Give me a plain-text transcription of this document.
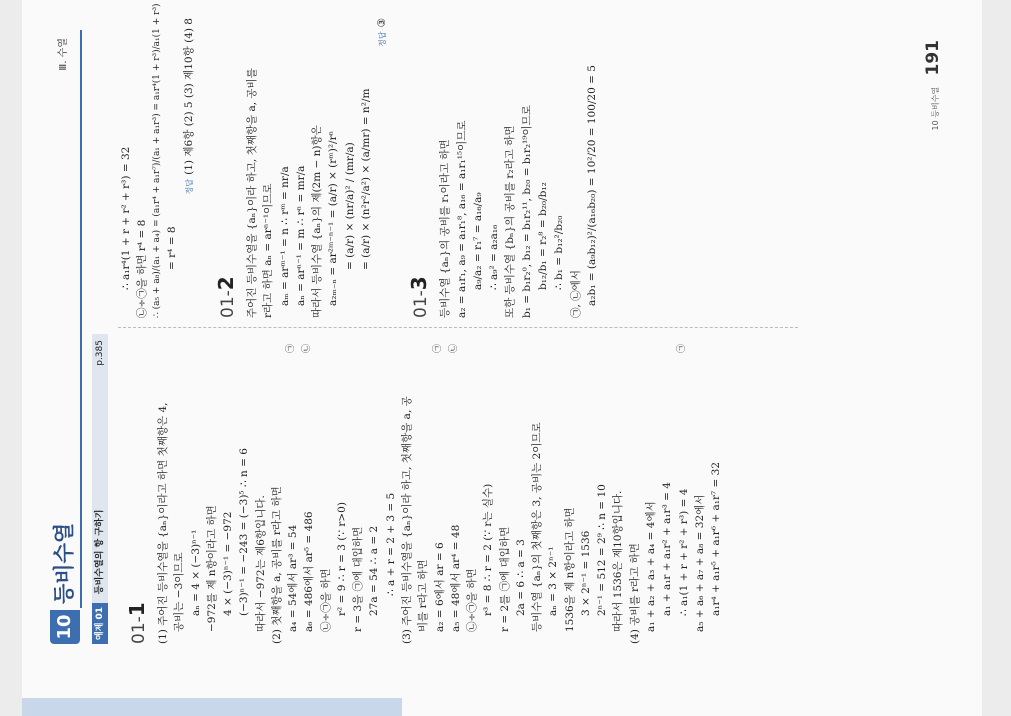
10
등비수열
Ⅲ. 수열
예제 01 등비수열의 항 구하기
p.385
01-1 (1) 주어진 등비수열을 {aₙ}이라고 하면 첫째항은 4, 공비는 −3이므로 aₙ = 4 × (−3)ⁿ⁻¹ −972를 제 n항이라고 하면 4 × (−3)ⁿ⁻¹ = −972 (−3)ⁿ⁻¹ = −243 = (−3)⁵ ∴ n = 6 따라서 −972는 제6항입니다. (2) 첫째항을 a, 공비를 r라고 하면 a₄ = 54에서 ar³ = 54
㉠
a₆ = 486에서 ar⁵ = 486
㉡
㉡÷㉠을 하면 r² = 9 ∴ r = 3 (∵ r>0) r = 3을 ㉠에 대입하면 27a = 54 ∴ a = 2 ∴ a + r = 2 + 3 = 5 (3) 주어진 등비수열을 {aₙ}이라 하고, 첫째항을 a, 공 비를 r라고 하면 a₂ = 6에서 ar = 6
㉠
a₅ = 48에서 ar⁴ = 48
㉡
㉡÷㉠을 하면 r³ = 8 ∴ r = 2 (∵ r는 실수) r = 2를 ㉠에 대입하면 2a = 6 ∴ a = 3 등비수열 {aₙ}의 첫째항은 3, 공비는 2이므로 aₙ = 3 × 2ⁿ⁻¹ 1536을 제 n항이라고 하면 3 × 2ⁿ⁻¹ = 1536 2ⁿ⁻¹ = 512 = 2⁹ ∴ n = 10 따라서 1536은 제10항입니다. (4) 공비를 r라고 하면 a₁ + a₂ + a₃ + a₄ = 4에서 a₁ + a₁r + a₁r² + a₁r³ = 4 ∴ a₁(1 + r + r² + r³) = 4
㉠
a₅ + a₆ + a₇ + a₈ = 32에서 a₁r⁴ + a₁r⁵ + a₁r⁶ + a₁r⁷ = 32
∴ a₁r⁴(1 + r + r² + r³) = 32 ㉡÷㉠을 하면 r⁴ = 8 ∴ (a₅ + a₈)/(a₁ + a₄) = (a₁r⁴ + a₁r⁷)/(a₁ + a₁r³) = a₁r⁴(1 + r³)/a₁(1 + r³) = r⁴ = 8
정답(1) 제6항 (2) 5 (3) 제10항 (4) 8
01-2 주어진 등비수열을 {aₙ}이라 하고, 첫째항을 a, 공비를 r라고 하면 aₙ = arⁿ⁻¹이므로 aₘ = arᵐ⁻¹ = n ∴ rᵐ = nr/a aₙ = arⁿ⁻¹ = m ∴ rⁿ = mr/a 따라서 등비수열 {aₙ}의 제(2m − n)항은 a₂ₘ₋ₙ = ar²ᵐ⁻ⁿ⁻¹ = (a/r) × (rᵐ)²/rⁿ = (a/r) × (nr/a)² / (mr/a) = (a/r) × (n²r²/a²) × (a/mr) = n²/m
정답③
01-3 등비수열 {aₙ}의 공비를 r₁이라고 하면 a₂ = a₁r₁, a₉ = a₁r₁⁸, a₁₆ = a₁r₁¹⁵이므로 a₉/a₂ = r₁⁷ = a₁₆/a₉ ∴ a₉² = a₂a₁₆ 또한 등비수열 {bₙ}의 공비를 r₂라고 하면 b₁ = b₁r₂⁰, b₁₂ = b₁r₂¹¹, b₂₀ = b₁r₂¹⁹이므로 b₁₂/b₁ = r₂⁸ = b₂₀/b₁₂ ∴ b₁ = b₁₂²/b₂₀
㉠, ㉡에서 a₂b₁ = (a₉b₁₂)²/(a₁₆b₂₀) = 10²/20 = 100/20 = 5	10 등비수열 191
